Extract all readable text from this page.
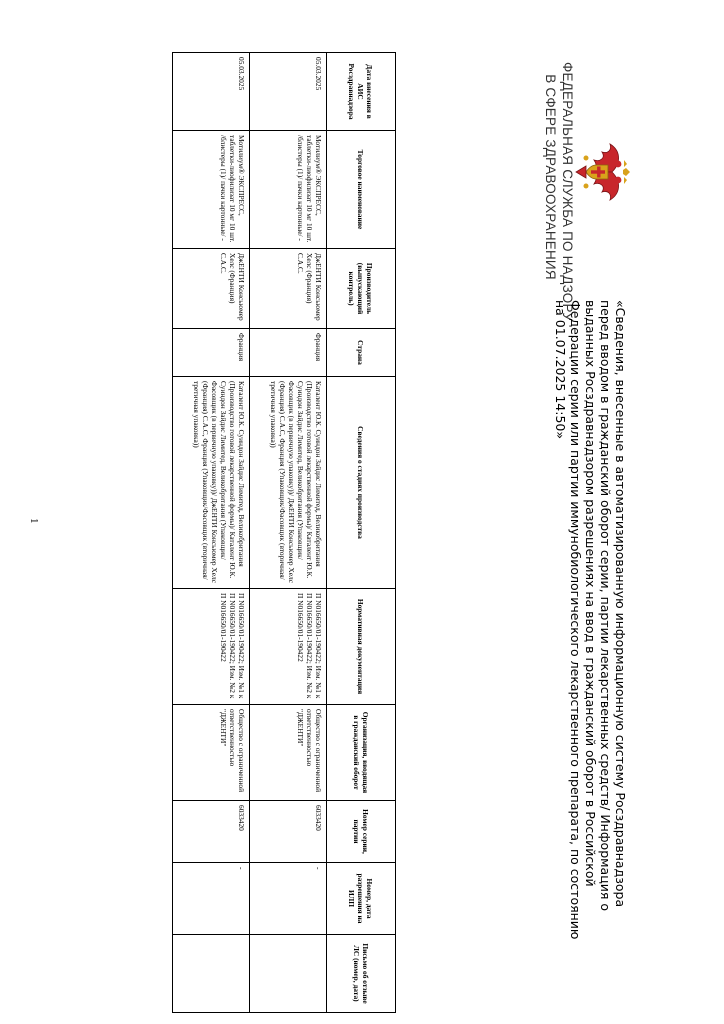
ФЕДЕРАЛЬНАЯ СЛУЖБА ПО НАДЗОРУ
В СФЕРЕ ЗДРАВООХРАНЕНИЯ
«Сведения, внесенные в автоматизированную информационную систему Росздравнадзора перед вводом в гражданский оборот серии, партии лекарственных средств/ Информация о выданных Росздравнадзором разрешениях на ввод в гражданский оборот в Российской Федерации серии или партии иммунобиологического лекарственного препарата, по состоянию на 01.07.2025 14:50»
Дата внесения в АИС Росздравнадзора	Торговое наименование	Производитель (выпускающий контроль)	Страна	Сведения о стадиях производства	Нормативная документация	Организация, вводящая в гражданский оборот	Номер серии, партии	Номер, дата разрешения на ИЛП	Письмо об отзыве ЛС (номер, дата)
05.03.2025	Мотилиум® ЭКСПРЕСС, таблетки-лиофилизат 10 мг 10 шт. /блистеры (1)/ пачки картонные/ -	ДжЕНТИ Консьюмер Хелс (Франция) С.А.С.	Франция	Каталент Ю.К. Суиндон Зайдис Лимитед, Великобритания (Производство готовой лекарственной формы)/ Каталент Ю.К. Суиндон Зайдис Лимитед, Великобритания (Упаковщик/Фасовщик (в первичную упаковку))/ ДжЕНТИ Консьюмер Хелс (Франция) С.А.С, Франция (Упаковщик/Фасовщик (вторичная/третичная упаковка))	П N016650/01-190422; Изм. №1 к П N016650/01-190422; Изм. №2 к П N016650/01-190422	Общество с ограниченной ответственностью "ДЖЕНТИ"	6033420	-	
05.03.2025	Мотилиум® ЭКСПРЕСС, таблетки-лиофилизат 10 мг 10 шт. /блистеры (1)/ пачки картонные/ -	ДжЕНТИ Консьюмер Хелс (Франция) С.А.С.	Франция	Каталент Ю.К. Суиндон Зайдис Лимитед, Великобритания (Производство готовой лекарственной формы)/ Каталент Ю.К. Суиндон Зайдис Лимитед, Великобритания (Упаковщик/Фасовщик (в первичную упаковку))/ ДжЕНТИ Консьюмер Хелс (Франция) С.А.С, Франция (Упаковщик/Фасовщик (вторичная/третичная упаковка))	П N016650/01-190422; Изм. №1 к П N016650/01-190422; Изм. №2 к П N016650/01-190422	Общество с ограниченной ответственностью "ДЖЕНТИ"	6033420	-	
1
